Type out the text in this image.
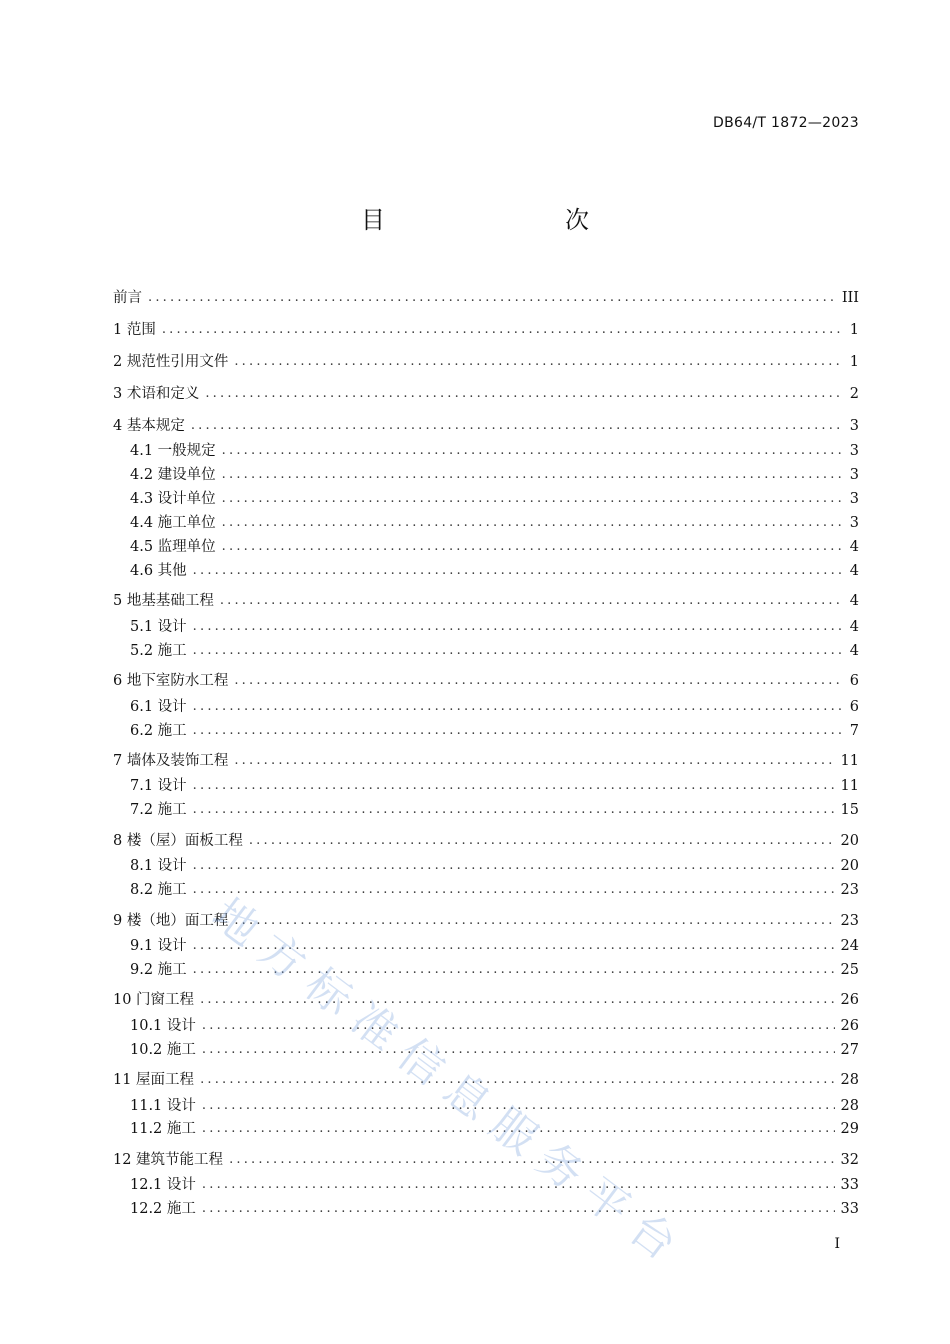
DB64/T 1872—2023
目　　次
前言 .....	III
1 范围 .....	1
2 规范性引用文件 .....	1
3 术语和定义 .....	2
4 基本规定 .....	3
4.1 一般规定 .....	3
4.2 建设单位 .....	3
4.3 设计单位 .....	3
4.4 施工单位 .....	3
4.5 监理单位 .....	4
4.6 其他 .....	4
5 地基基础工程 .....	4
5.1 设计 .....	4
5.2 施工 .....	4
6 地下室防水工程 .....	6
6.1 设计 .....	6
6.2 施工 .....	7
7 墙体及装饰工程 .....	11
7.1 设计 .....	11
7.2 施工 .....	15
8 楼（屋）面板工程 .....	20
8.1 设计 .....	20
8.2 施工 .....	23
9 楼（地）面工程 .....	23
9.1 设计 .....	24
9.2 施工 .....	25
10 门窗工程 .....	26
10.1 设计 .....	26
10.2 施工 .....	27
11 屋面工程 .....	28
11.1 设计 .....	28
11.2 施工 .....	29
12 建筑节能工程 .....	32
12.1 设计 .....	33
12.2 施工 .....	33
地方标准信息服务平台	I
